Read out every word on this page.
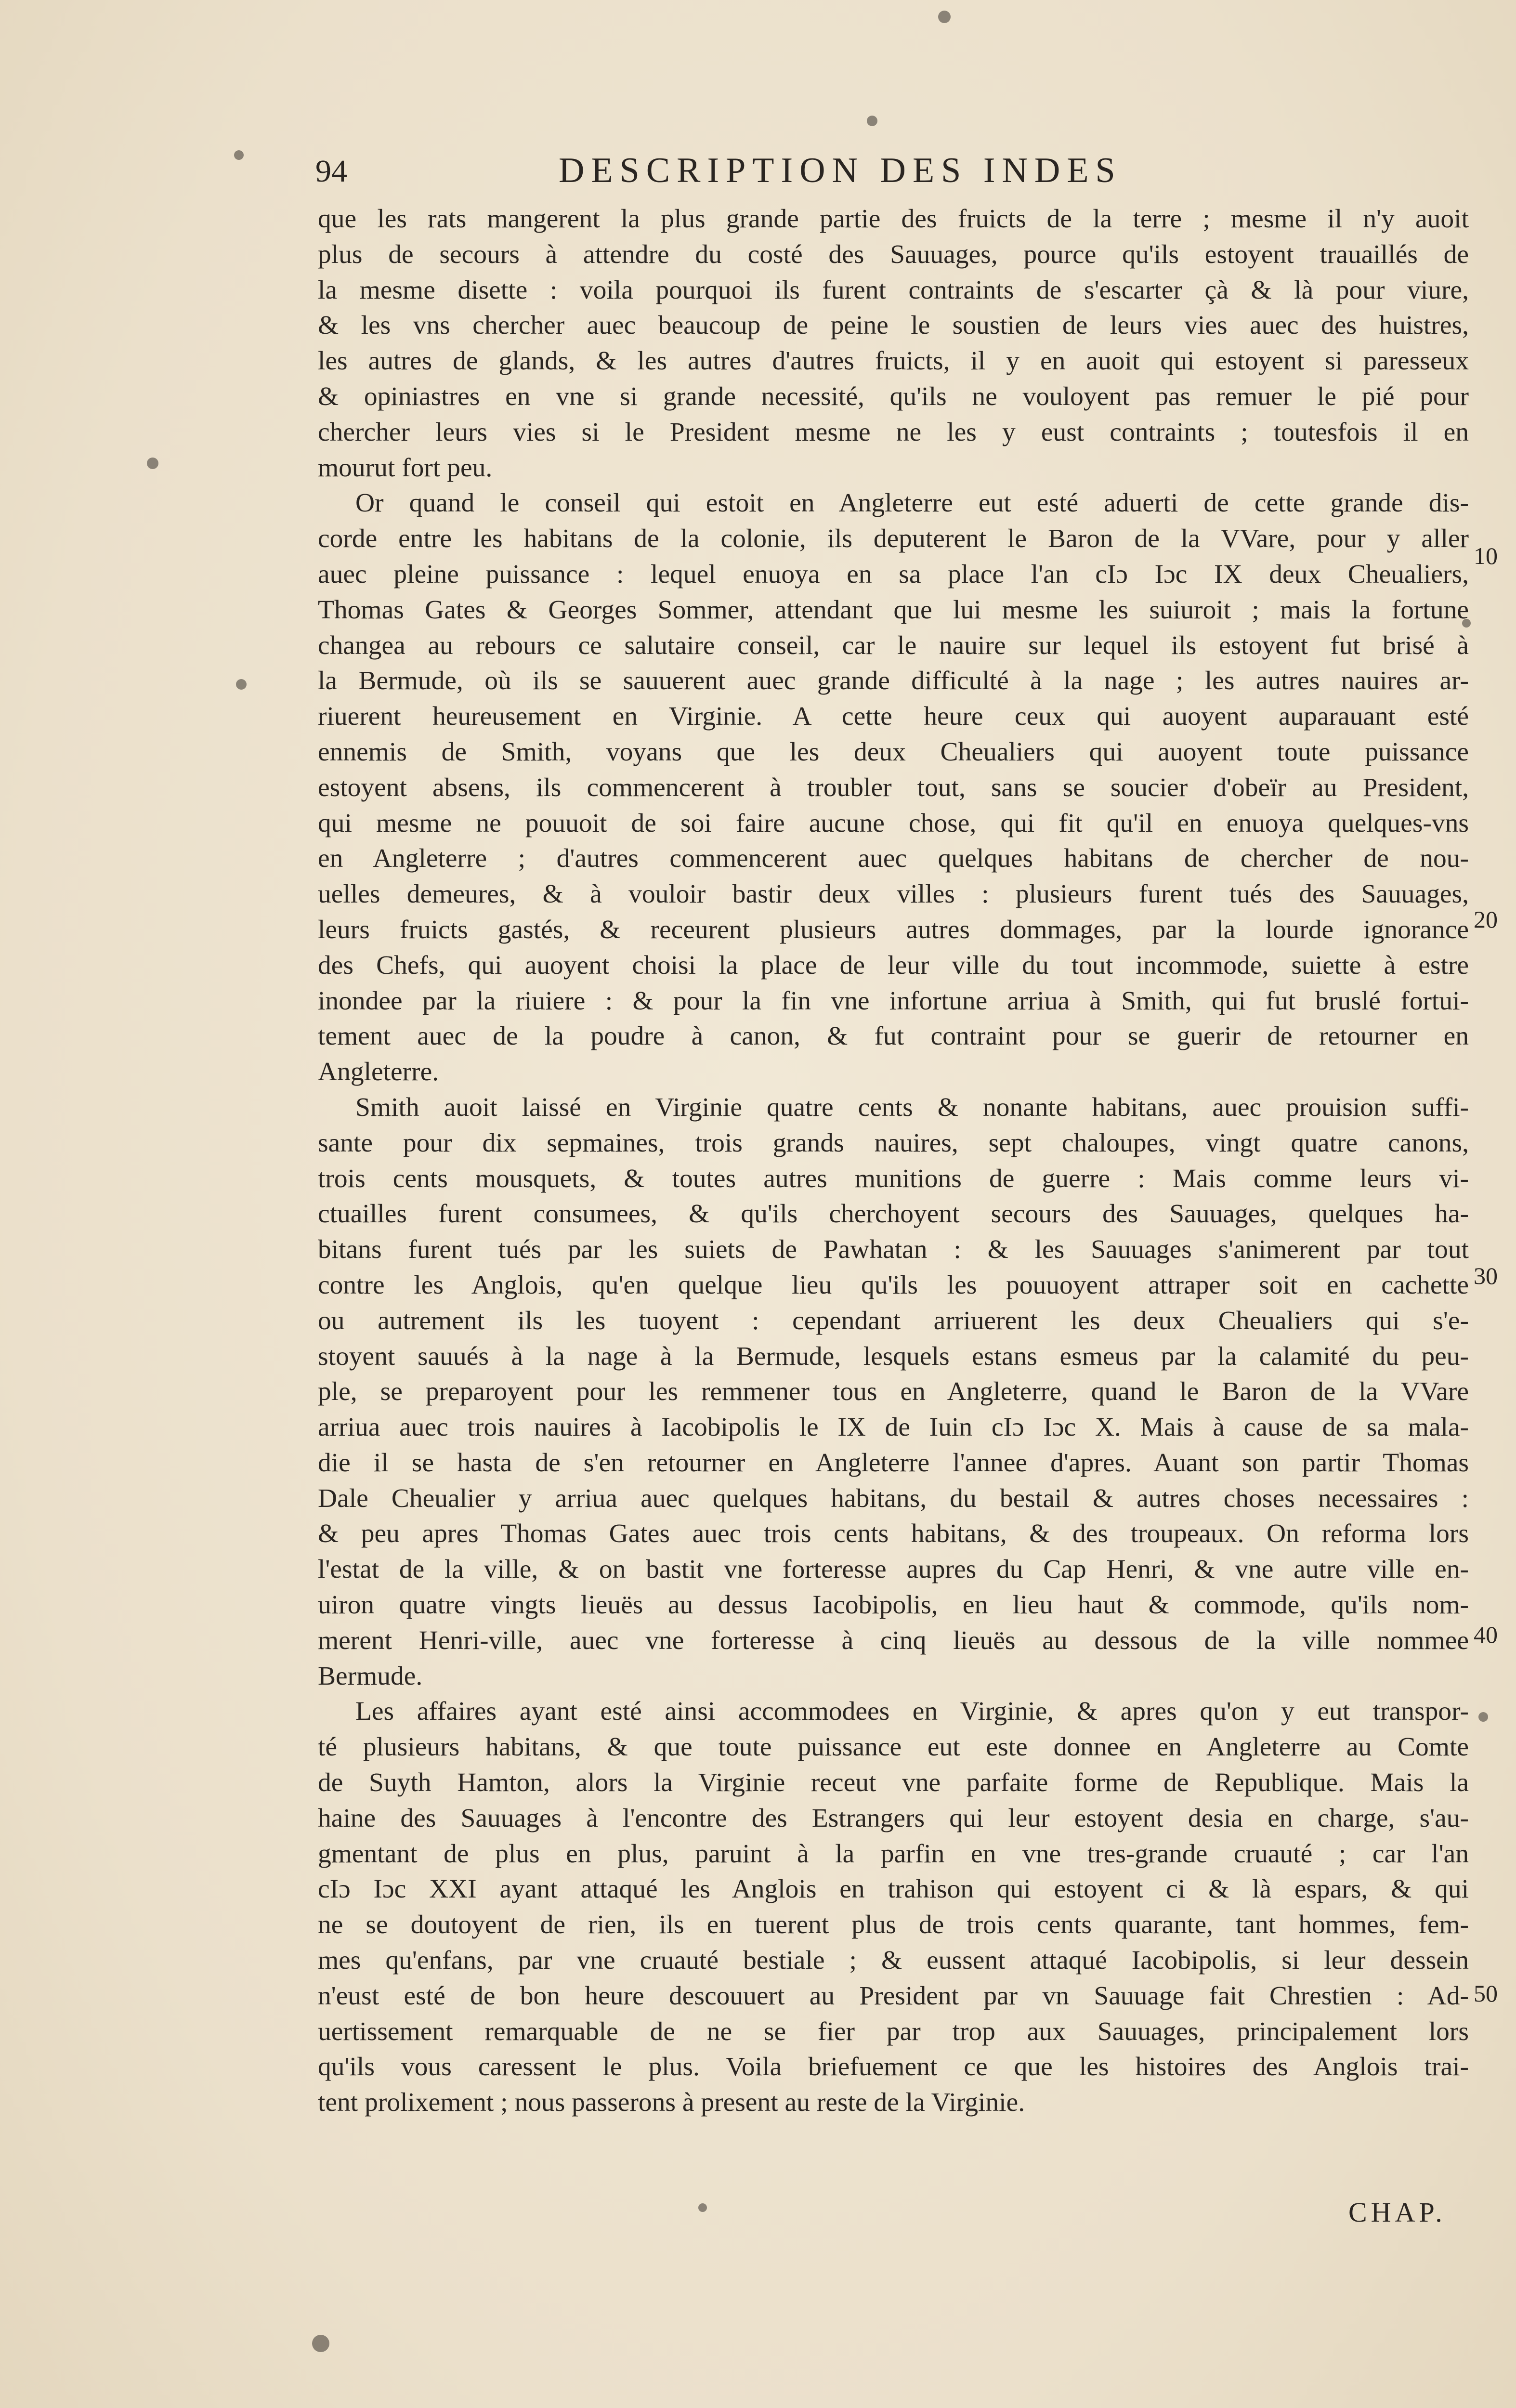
94	DESCRIPTION DES INDES
que les rats mangerent la plus grande partie des fruicts de la terre ; mesme il n'y auoit
plus de secours à attendre du costé des Sauuages, pource qu'ils estoyent trauaillés de
la mesme disette : voila pourquoi ils furent contraints de s'escarter çà & là pour viure,
& les vns chercher auec beaucoup de peine le soustien de leurs vies auec des huistres,
les autres de glands, & les autres d'autres fruicts, il y en auoit qui estoyent si paresseux
& opiniastres en vne si grande necessité, qu'ils ne vouloyent pas remuer le pié pour
chercher leurs vies si le President mesme ne les y eust contraints ; toutesfois il en
mourut fort peu.
Or quand le conseil qui estoit en Angleterre eut esté aduerti de cette grande dis-
corde entre les habitans de la colonie, ils deputerent le Baron de la VVare, pour y aller
auec pleine puissance : lequel enuoya en sa place l'an cIɔ Iɔc IX deux Cheualiers,
Thomas Gates & Georges Sommer, attendant que lui mesme les suiuroit ; mais la fortune
changea au rebours ce salutaire conseil, car le nauire sur lequel ils estoyent fut brisé à
la Bermude, où ils se sauuerent auec grande difficulté à la nage ; les autres nauires ar-
riuerent heureusement en Virginie. A cette heure ceux qui auoyent auparauant esté
ennemis de Smith, voyans que les deux Cheualiers qui auoyent toute puissance
estoyent absens, ils commencerent à troubler tout, sans se soucier d'obeïr au President,
qui mesme ne pouuoit de soi faire aucune chose, qui fit qu'il en enuoya quelques-vns
en Angleterre ; d'autres commencerent auec quelques habitans de chercher de nou-
uelles demeures, & à vouloir bastir deux villes : plusieurs furent tués des Sauuages,
leurs fruicts gastés, & receurent plusieurs autres dommages, par la lourde ignorance
des Chefs, qui auoyent choisi la place de leur ville du tout incommode, suiette à estre
inondee par la riuiere : & pour la fin vne infortune arriua à Smith, qui fut bruslé fortui-
tement auec de la poudre à canon, & fut contraint pour se guerir de retourner en
Angleterre.
Smith auoit laissé en Virginie quatre cents & nonante habitans, auec prouision suffi-
sante pour dix sepmaines, trois grands nauires, sept chaloupes, vingt quatre canons,
trois cents mousquets, & toutes autres munitions de guerre : Mais comme leurs vi-
ctuailles furent consumees, & qu'ils cherchoyent secours des Sauuages, quelques ha-
bitans furent tués par les suiets de Pawhatan : & les Sauuages s'animerent par tout
contre les Anglois, qu'en quelque lieu qu'ils les pouuoyent attraper soit en cachette
ou autrement ils les tuoyent : cependant arriuerent les deux Cheualiers qui s'e-
stoyent sauués à la nage à la Bermude, lesquels estans esmeus par la calamité du peu-
ple, se preparoyent pour les remmener tous en Angleterre, quand le Baron de la VVare
arriua auec trois nauires à Iacobipolis le IX de Iuin cIɔ Iɔc X. Mais à cause de sa mala-
die il se hasta de s'en retourner en Angleterre l'annee d'apres. Auant son partir Thomas
Dale Cheualier y arriua auec quelques habitans, du bestail & autres choses necessaires :
& peu apres Thomas Gates auec trois cents habitans, & des troupeaux. On reforma lors
l'estat de la ville, & on bastit vne forteresse aupres du Cap Henri, & vne autre ville en-
uiron quatre vingts lieuës au dessus Iacobipolis, en lieu haut & commode, qu'ils nom-
merent Henri-ville, auec vne forteresse à cinq lieuës au dessous de la ville nommee
Bermude.
Les affaires ayant esté ainsi accommodees en Virginie, & apres qu'on y eut transpor-
té plusieurs habitans, & que toute puissance eut este donnee en Angleterre au Comte
de Suyth Hamton, alors la Virginie receut vne parfaite forme de Republique. Mais la
haine des Sauuages à l'encontre des Estrangers qui leur estoyent desia en charge, s'au-
gmentant de plus en plus, paruint à la parfin en vne tres-grande cruauté ; car l'an
cIɔ Iɔc XXI ayant attaqué les Anglois en trahison qui estoyent ci & là espars, & qui
ne se doutoyent de rien, ils en tuerent plus de trois cents quarante, tant hommes, fem-
mes qu'enfans, par vne cruauté bestiale ; & eussent attaqué Iacobipolis, si leur dessein
n'eust esté de bon heure descouuert au President par vn Sauuage fait Chrestien : Ad-
uertissement remarquable de ne se fier par trop aux Sauuages, principalement lors
qu'ils vous caressent le plus. Voila briefuement ce que les histoires des Anglois trai-
tent prolixement ; nous passerons à present au reste de la Virginie.
10
20
30
40
50
CHAP.
